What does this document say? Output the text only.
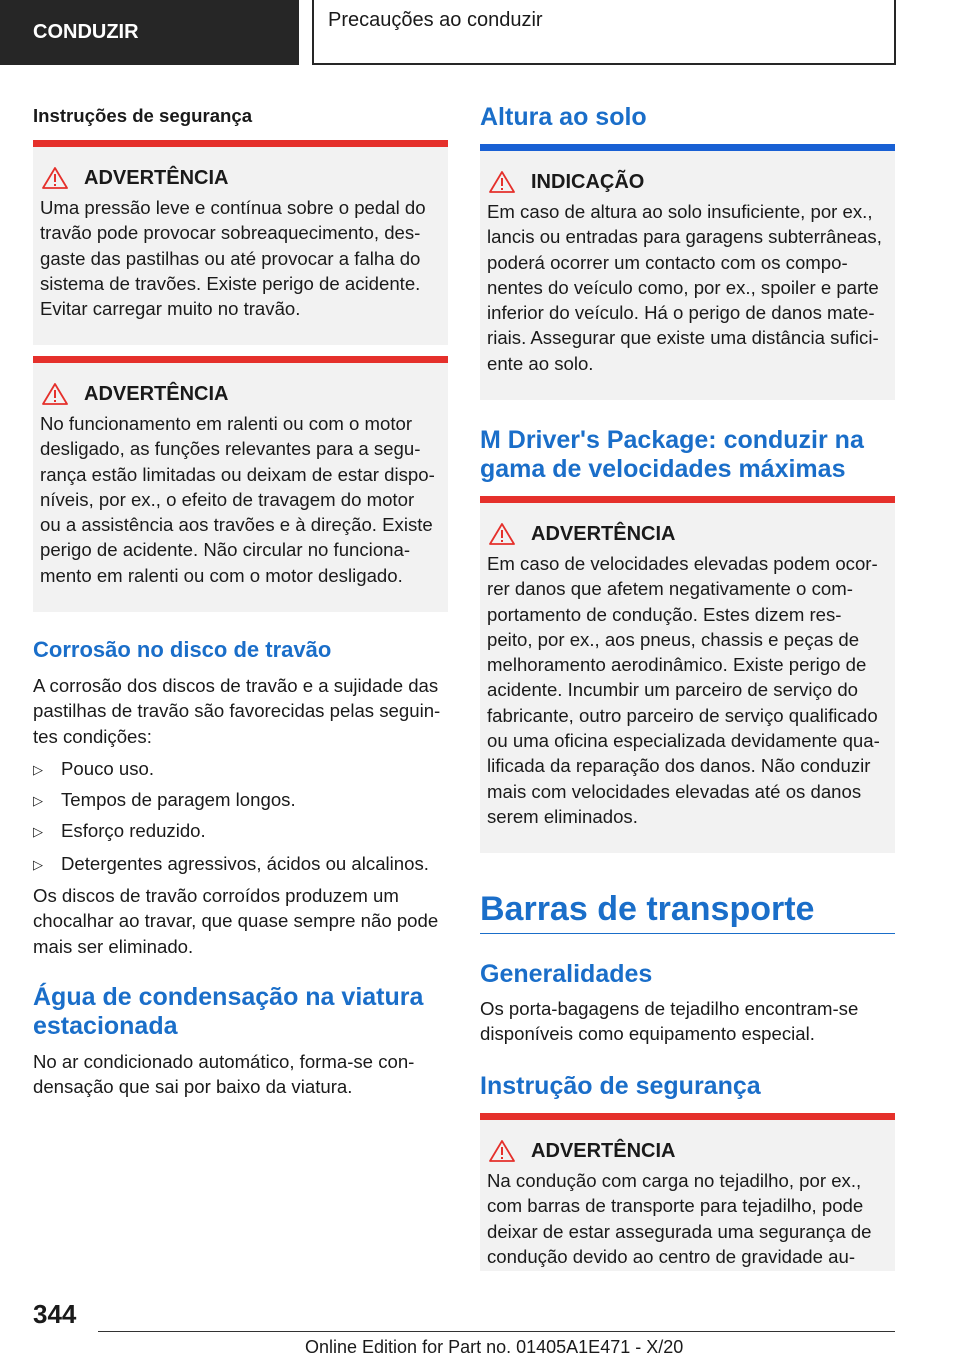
CONDUZIR
Precauções ao conduzir
Instruções de segurança
ADVERTÊNCIA
Uma pressão leve e contínua sobre o pedal do
travão pode provocar sobreaquecimento, des-
gaste das pastilhas ou até provocar a falha do
sistema de travões. Existe perigo de acidente.
Evitar carregar muito no travão.
ADVERTÊNCIA
No funcionamento em ralenti ou com o motor
desligado, as funções relevantes para a segu-
rança estão limitadas ou deixam de estar dispo-
níveis, por ex., o efeito de travagem do motor
ou a assistência aos travões e à direção. Existe
perigo de acidente. Não circular no funciona-
mento em ralenti ou com o motor desligado.
Corrosão no disco de travão
A corrosão dos discos de travão e a sujidade das
pastilhas de travão são favorecidas pelas seguin-
tes condições:
▷ Pouco uso.
▷ Tempos de paragem longos.
▷ Esforço reduzido.
▷ Detergentes agressivos, ácidos ou alcalinos.
Os discos de travão corroídos produzem um
chocalhar ao travar, que quase sempre não pode
mais ser eliminado.
Água de condensação na viatura
estacionada
No ar condicionado automático, forma-se con-
densação que sai por baixo da viatura.
Altura ao solo
INDICAÇÃO
Em caso de altura ao solo insuficiente, por ex.,
lancis ou entradas para garagens subterrâneas,
poderá ocorrer um contacto com os compo-
nentes do veículo como, por ex., spoiler e parte
inferior do veículo. Há o perigo de danos mate-
riais. Assegurar que existe uma distância sufici-
ente ao solo.
M Driver's Package: conduzir na
gama de velocidades máximas
ADVERTÊNCIA
Em caso de velocidades elevadas podem ocor-
rer danos que afetem negativamente o com-
portamento de condução. Estes dizem res-
peito, por ex., aos pneus, chassis e peças de
melhoramento aerodinâmico. Existe perigo de
acidente. Incumbir um parceiro de serviço do
fabricante, outro parceiro de serviço qualificado
ou uma oficina especializada devidamente qua-
lificada da reparação dos danos. Não conduzir
mais com velocidades elevadas até os danos
serem eliminados.
Barras de transporte
Generalidades
Os porta-bagagens de tejadilho encontram-se
disponíveis como equipamento especial.
Instrução de segurança
ADVERTÊNCIA
Na condução com carga no tejadilho, por ex.,
com barras de transporte para tejadilho, pode
deixar de estar assegurada uma segurança de
condução devido ao centro de gravidade au-
344
Online Edition for Part no. 01405A1E471 - X/20
